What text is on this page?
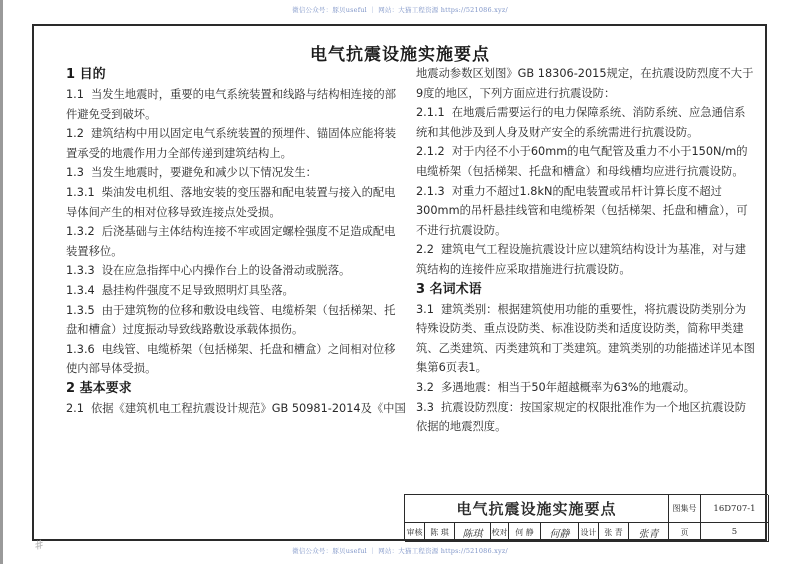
微信公众号：豚贝useful ｜ 网站：大猫工程资源 https://521086.xyz/
电气抗震设施实施要点

1 目的

1.1 当发生地震时，重要的电气系统装置和线路与结构相连接的部件避免受到破坏。

1.2 建筑结构中用以固定电气系统装置的预埋件、锚固体应能将装置承受的地震作用力全部传递到建筑结构上。

1.3 当发生地震时，要避免和减少以下情况发生：

1.3.1 柴油发电机组、落地安装的变压器和配电装置与接入的配电导体间产生的相对位移导致连接点处受损。

1.3.2 后浇基础与主体结构连接不牢或固定螺栓强度不足造成配电装置移位。

1.3.3 设在应急指挥中心内操作台上的设备滑动或脱落。

1.3.4 悬挂构件强度不足导致照明灯具坠落。

1.3.5 由于建筑物的位移和敷设电线管、电缆桥架（包括梯架、托盘和槽盒）过度振动导致线路敷设承载体损伤。

1.3.6 电线管、电缆桥架（包括梯架、托盘和槽盒）之间相对位移使内部导体受损。

2 基本要求

2.1 依据《建筑机电工程抗震设计规范》GB 50981-2014及《中国

地震动参数区划图》GB 18306-2015规定，在抗震设防烈度不大于9度的地区，下列方面应进行抗震设防：

2.1.1 在地震后需要运行的电力保障系统、消防系统、应急通信系统和其他涉及到人身及财产安全的系统需进行抗震设防。

2.1.2 对于内径不小于60mm的电气配管及重力不小于150N/m的电缆桥架（包括梯架、托盘和槽盒）和母线槽均应进行抗震设防。

2.1.3 对重力不超过1.8kN的配电装置或吊杆计算长度不超过300mm的吊杆悬挂线管和电缆桥架（包括梯架、托盘和槽盒），可不进行抗震设防。

2.2 建筑电气工程设施抗震设计应以建筑结构设计为基准，对与建筑结构的连接件应采取措施进行抗震设防。

3 名词术语

3.1 建筑类别：根据建筑使用功能的重要性，将抗震设防类别分为特殊设防类、重点设防类、标准设防类和适度设防类，简称甲类建筑、乙类建筑、丙类建筑和丁类建筑。建筑类别的功能描述详见本图集第6页表1。

3.2 多遇地震：相当于50年超越概率为63%的地震动。

3.3 抗震设防烈度：按国家规定的权限批准作为一个地区抗震设防依据的地震烈度。

电气抗震设施实施要点	图集号	16D707-1
审核 陈 琪	陈琪	校对 何 静	何静	设计 张 青	张青	页	5
#	微信公众号：豚贝useful ｜ 网站：大猫工程资源 https://521086.xyz/
